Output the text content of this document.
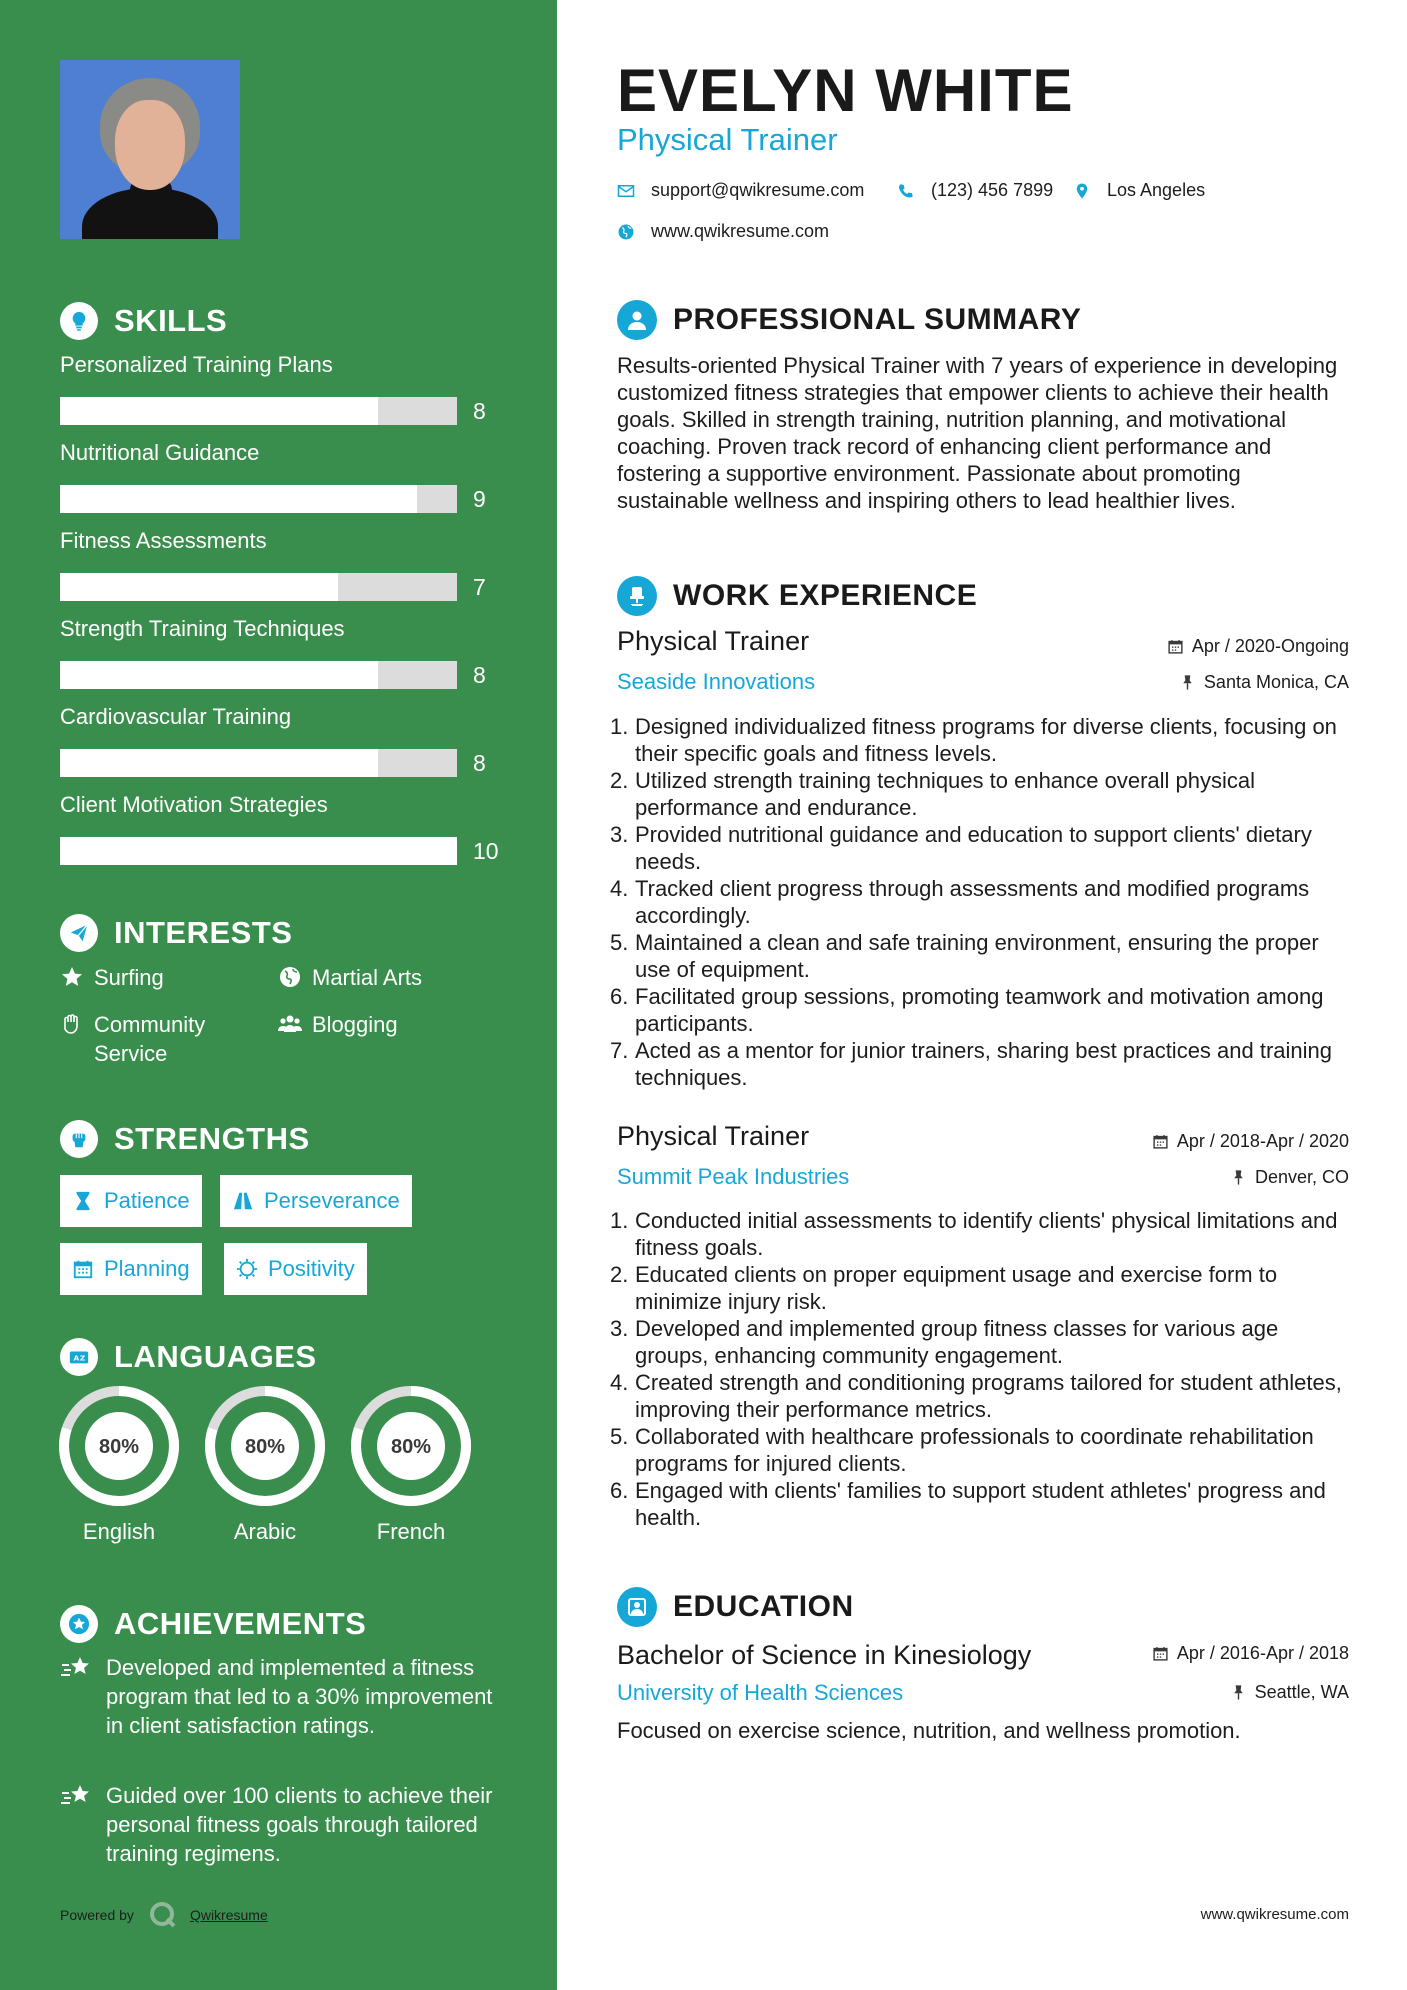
SKILLS
Personalized Training Plans
8
Nutritional Guidance
9
Fitness Assessments
7
Strength Training Techniques
8
Cardiovascular Training
8
Client Motivation Strategies
10
INTERESTS
Surfing	Martial Arts
Community Service
Blogging
STRENGTHS
Patience	Perseverance
Planning	Positivity
A Z LANGUAGES
80%
English
80%
Arabic
80%
French
ACHIEVEMENTS
Developed and implemented a fitness program that led to a 30% improvement in client satisfaction ratings.
Guided over 100 clients to achieve their personal fitness goals through tailored training regimens.
Powered by	Qwikresume
EVELYN WHITE
Physical Trainer
support@qwikresume.com	(123) 456 7899	Los Angeles
www.qwikresume.com
PROFESSIONAL SUMMARY
Results-oriented Physical Trainer with 7 years of experience in developing customized fitness strategies that empower clients to achieve their health goals. Skilled in strength training, nutrition planning, and motivational coaching. Proven track record of enhancing client performance and fostering a supportive environment. Passionate about promoting sustainable wellness and inspiring others to lead healthier lives.
WORK EXPERIENCE
Physical Trainer	Apr / 2020-Ongoing
Seaside Innovations	Santa Monica, CA
1. Designed individualized fitness programs for diverse clients, focusing on their specific goals and fitness levels.
2. Utilized strength training techniques to enhance overall physical performance and endurance.
3. Provided nutritional guidance and education to support clients' dietary needs.
4. Tracked client progress through assessments and modified programs accordingly.
5. Maintained a clean and safe training environment, ensuring the proper use of equipment.
6. Facilitated group sessions, promoting teamwork and motivation among participants.
7. Acted as a mentor for junior trainers, sharing best practices and training techniques.
Physical Trainer	Apr / 2018-Apr / 2020
Summit Peak Industries	Denver, CO
1. Conducted initial assessments to identify clients' physical limitations and fitness goals.
2. Educated clients on proper equipment usage and exercise form to minimize injury risk.
3. Developed and implemented group fitness classes for various age groups, enhancing community engagement.
4. Created strength and conditioning programs tailored for student athletes, improving their performance metrics.
5. Collaborated with healthcare professionals to coordinate rehabilitation programs for injured clients.
6. Engaged with clients' families to support student athletes' progress and health.
EDUCATION
Bachelor of Science in Kinesiology	Apr / 2016-Apr / 2018
University of Health Sciences	Seattle, WA
Focused on exercise science, nutrition, and wellness promotion.
www.qwikresume.com
